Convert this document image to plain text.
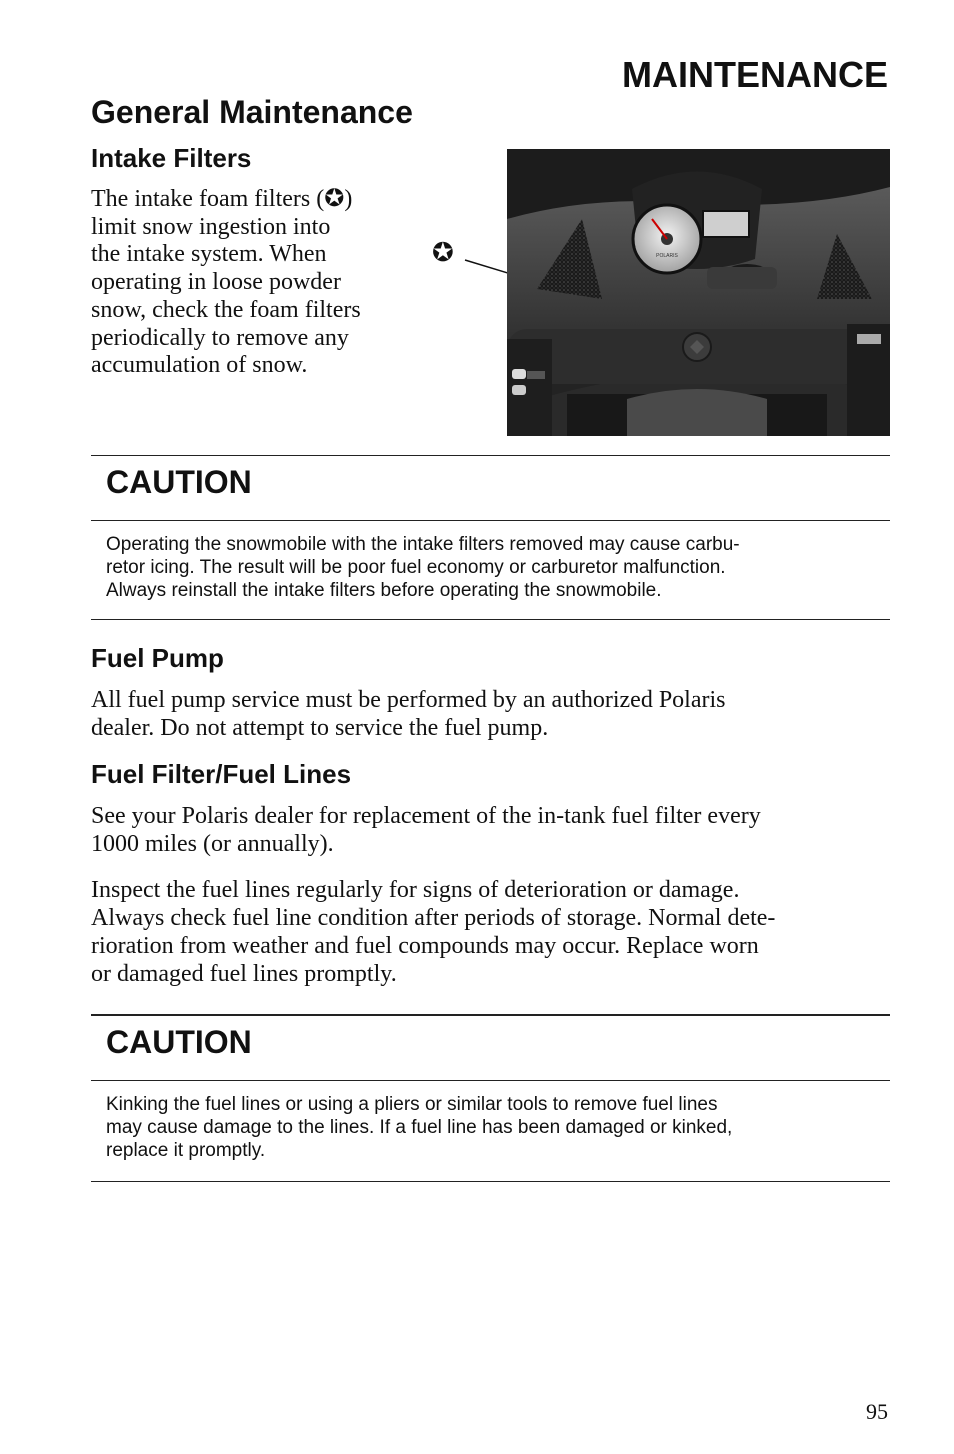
MAINTENANCE
General Maintenance
Intake Filters
The intake foam filters (✪)
limit snow ingestion into
the intake system. When
operating in loose powder
snow, check the foam filters
periodically to remove any
accumulation of snow.
✪	POLARIS

CAUTION

Operating the snowmobile with the intake filters removed may cause carbu-
retor icing. The result will be poor fuel economy or carburetor malfunction.
Always reinstall the intake filters before operating the snowmobile.

Fuel Pump

All fuel pump service must be performed by an authorized Polaris
dealer. Do not attempt to service the fuel pump.

Fuel Filter/Fuel Lines

See your Polaris dealer for replacement of the in-tank fuel filter every
1000 miles (or annually).

Inspect the fuel lines regularly for signs of deterioration or damage.
Always check fuel line condition after periods of storage. Normal dete-
rioration from weather and fuel compounds may occur. Replace worn
or damaged fuel lines promptly.

CAUTION

Kinking the fuel lines or using a pliers or similar tools to remove fuel lines
may cause damage to the lines. If a fuel line has been damaged or kinked,
replace it promptly.

95
